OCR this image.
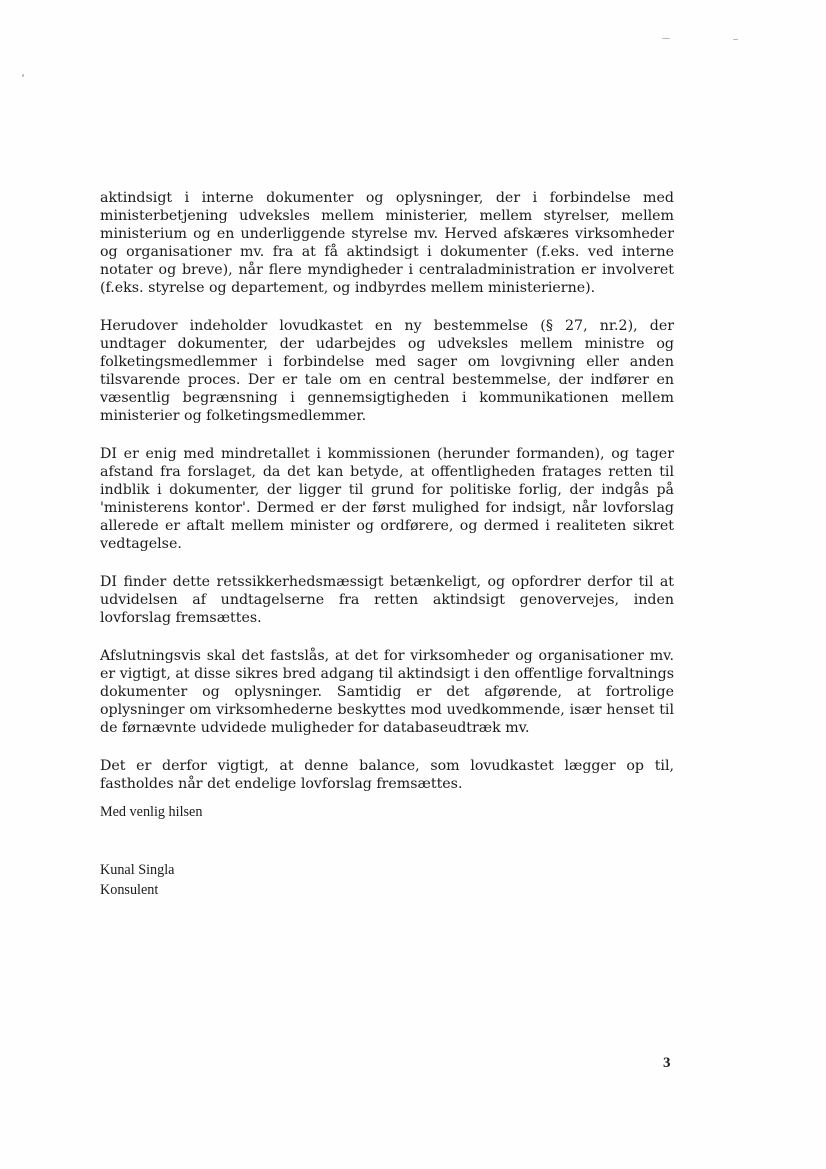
aktindsigt i interne dokumenter og oplysninger, der i forbindelse med ministerbetjening udveksles mellem ministerier, mellem styrelser, mellem ministerium og en underliggende styrelse mv. Herved afskæres virksomheder og organisationer mv. fra at få aktindsigt i dokumenter (f.eks. ved interne notater og breve), når flere myndigheder i centraladministration er involveret (f.eks. styrelse og departement, og indbyrdes mellem ministerierne).

Herudover indeholder lovudkastet en ny bestemmelse (§ 27, nr.2), der undtager dokumenter, der udarbejdes og udveksles mellem ministre og folketingsmedlemmer i forbindelse med sager om lovgivning eller anden tilsvarende proces. Der er tale om en central bestemmelse, der indfører en væsentlig begrænsning i gennemsigtigheden i kommunikationen mellem ministerier og folketingsmedlemmer.

DI er enig med mindretallet i kommissionen (herunder formanden), og tager afstand fra forslaget, da det kan betyde, at offentligheden fratages retten til indblik i dokumenter, der ligger til grund for politiske forlig, der indgås på 'ministerens kontor'. Dermed er der først mulighed for indsigt, når lovforslag allerede er aftalt mellem minister og ordførere, og dermed i realiteten sikret vedtagelse.

DI finder dette retssikkerhedsmæssigt betænkeligt, og opfordrer derfor til at udvidelsen af undtagelserne fra retten aktindsigt genovervejes, inden lovforslag fremsættes.

Afslutningsvis skal det fastslås, at det for virksomheder og organisationer mv. er vigtigt, at disse sikres bred adgang til aktindsigt i den offentlige forvaltnings dokumenter og oplysninger. Samtidig er det afgørende, at fortrolige oplysninger om virksomhederne beskyttes mod uvedkommende, især henset til de førnævnte udvidede muligheder for databaseudtræk mv.

Det er derfor vigtigt, at denne balance, som lovudkastet lægger op til, fastholdes når det endelige lovforslag fremsættes.

Med venlig hilsen
Kunal Singla
Konsulent
3
